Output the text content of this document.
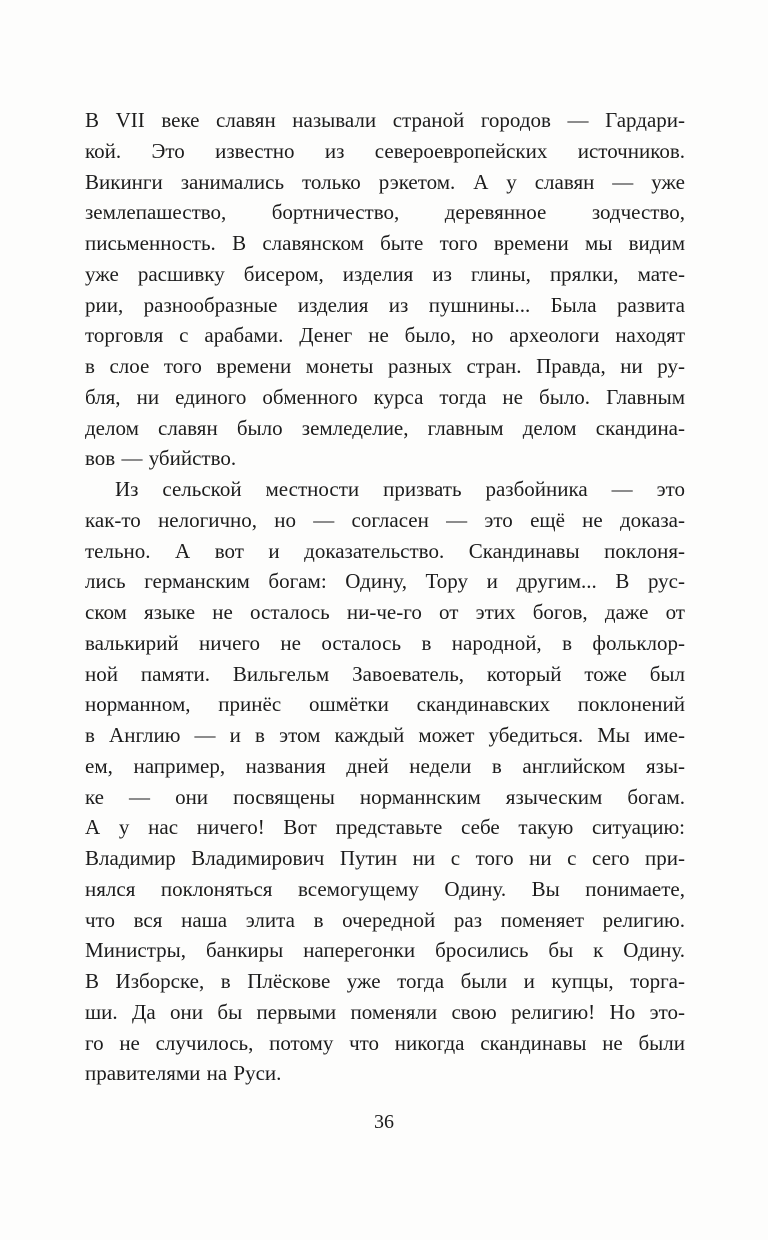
В VII веке славян называли страной городов — Гардари-
кой. Это известно из североевропейских источников.
Викинги занимались только рэкетом. А у славян — уже
землепашество, бортничество, деревянное зодчество,
письменность. В славянском быте того времени мы видим
уже расшивку бисером, изделия из глины, прялки, мате-
рии, разнообразные изделия из пушнины... Была развита
торговля с арабами. Денег не было, но археологи находят
в слое того времени монеты разных стран. Правда, ни ру-
бля, ни единого обменного курса тогда не было. Главным
делом славян было земледелие, главным делом скандина-
вов — убийство.
Из сельской местности призвать разбойника — это
как-то нелогично, но — согласен — это ещё не доказа-
тельно. А вот и доказательство. Скандинавы поклоня-
лись германским богам: Одину, Тору и другим... В рус-
ском языке не осталось ни-че-го от этих богов, даже от
валькирий ничего не осталось в народной, в фольклор-
ной памяти. Вильгельм Завоеватель, который тоже был
норманном, принёс ошмётки скандинавских поклонений
в Англию — и в этом каждый может убедиться. Мы име-
ем, например, названия дней недели в английском язы-
ке — они посвящены норманнским языческим богам.
А у нас ничего! Вот представьте себе такую ситуацию:
Владимир Владимирович Путин ни с того ни с сего при-
нялся поклоняться всемогущему Одину. Вы понимаете,
что вся наша элита в очередной раз поменяет религию.
Министры, банкиры наперегонки бросились бы к Одину.
В Изборске, в Плёскове уже тогда были и купцы, торга-
ши. Да они бы первыми поменяли свою религию! Но это-
го не случилось, потому что никогда скандинавы не были
правителями на Руси.
36
